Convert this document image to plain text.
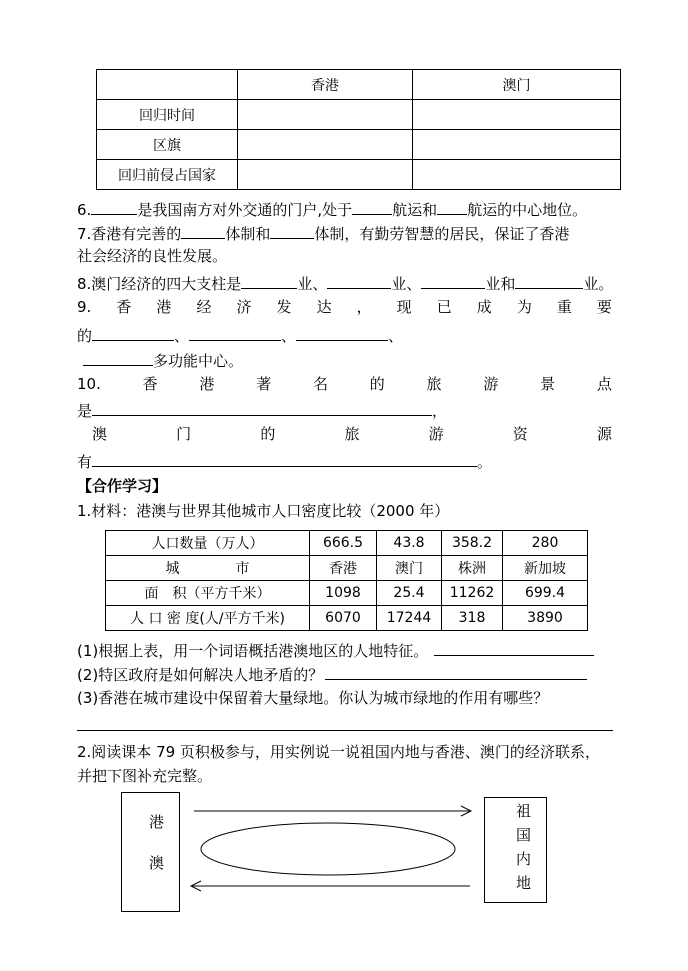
	香港	澳门
回归时间		
区旗		
回归前侵占国家		
6.	是我国南方对外交通的门户,处于	航运和 航运的中心地位。
7.香港有完善的	体制和	体制，有勤劳智慧的居民，保证了香港
社会经济的良性发展。
8.澳门经济的四大支柱是	业、	业、	业和	业。
9. 香 港 经 济 发 达 ， 现 已 成 为 重 要
的	、	、	、
多功能中心。
10.	香	港	著	名	的	旅	游	景	点
是	，
澳	门	的	旅	游	资	源
有	。
【合作学习】
1.材料：港澳与世界其他城市人口密度比较（2000 年）
人口数量（万人）	666.5	43.8	358.2	280
城　　　　市	香港	澳门	株洲	新加坡
面　积（平方千米）	1098	25.4	11262	699.4
人 口 密 度(人/平方千米)	6070	17244	318	3890
(1)根据上表，用一个词语概括港澳地区的人地特征。
(2)特区政府是如何解决人地矛盾的？
(3)香港在城市建设中保留着大量绿地。你认为城市绿地的作用有哪些？
2.阅读课本 79 页积极参与，用实例说一说祖国内地与香港、澳门的经济联系，
并把下图补充完整。
港
澳
祖
国
内
地
